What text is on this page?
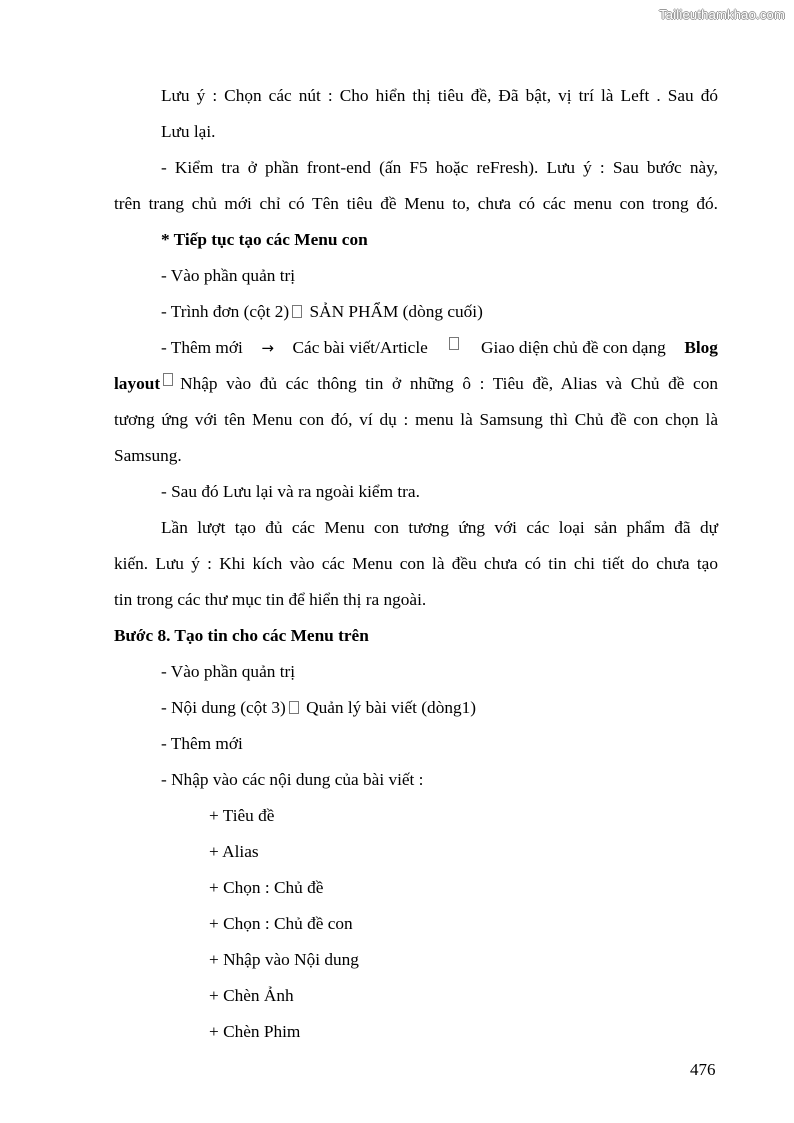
Tailieuthamkhao.com
Lưu ý : Chọn các nút : Cho hiển thị tiêu đề, Đã bật, vị trí là Left . Sau đó
Lưu lại.
- Kiểm tra ở phần front-end (ấn F5 hoặc reFresh). Lưu ý : Sau bước này,
trên trang chủ mới chỉ có Tên tiêu đề Menu to, chưa có các menu con trong đó.
* Tiếp tục tạo các Menu con
- Vào phần quản trị
- Trình đơn (cột 2) SẢN PHẨM (dòng cuối)
- Thêm mới → Các bài viết/Article	Giao diện chủ đề con dạng Blog
layout Nhập vào đủ các thông tin ở những ô : Tiêu đề, Alias và Chủ đề con
tương ứng với tên Menu con đó, ví dụ : menu là Samsung thì Chủ đề con chọn là
Samsung.
- Sau đó Lưu lại và ra ngoài kiểm tra.
Lần lượt tạo đủ các Menu con tương ứng với các loại sản phẩm đã dự
kiến. Lưu ý : Khi kích vào các Menu con là đều chưa có tin chi tiết do chưa tạo
tin trong các thư mục tin để hiển thị ra ngoài.
Bước 8. Tạo tin cho các Menu trên
- Vào phần quản trị
- Nội dung (cột 3) Quản lý bài viết (dòng1)
- Thêm mới
- Nhập vào các nội dung của bài viết :
+ Tiêu đề
+ Alias
+ Chọn : Chủ đề
+ Chọn : Chủ đề con
+ Nhập vào Nội dung
+ Chèn Ảnh
+ Chèn Phim
476
